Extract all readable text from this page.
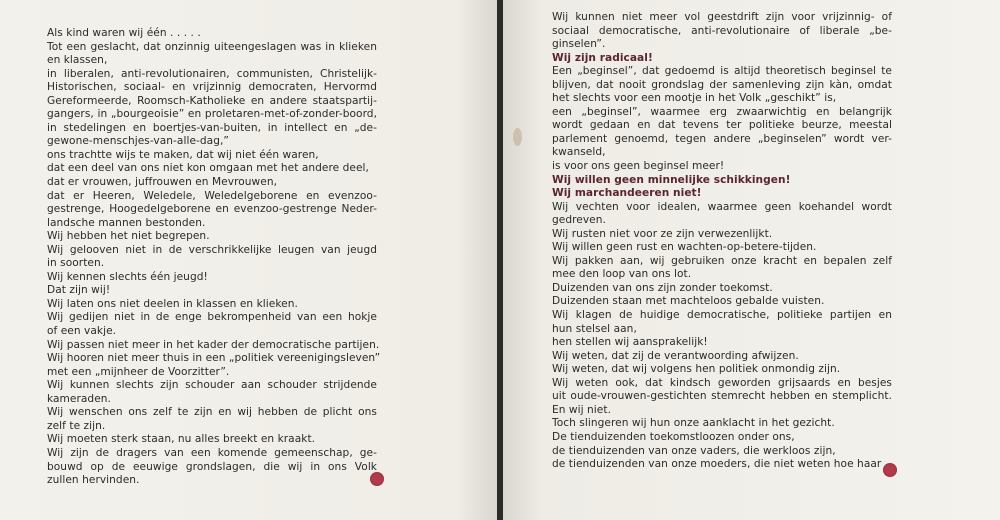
Als kind waren wij één . . . . .
Tot een geslacht, dat onzinnig uiteengeslagen was in klieken
en klassen,
in liberalen, anti-revolutionairen, communisten, Christelijk-
Historischen, sociaal- en vrijzinnig democraten, Hervormd
Gereformeerde, Roomsch-Katholieke en andere staatspartij-
gangers, in „bourgeoisie” en proletaren-met-of-zonder-boord,
in stedelingen en boertjes-van-buiten, in intellect en „de-
gewone-menschjes-van-alle-dag,”
ons trachtte wijs te maken, dat wij niet één waren,
dat een deel van ons niet kon omgaan met het andere deel,
dat er vrouwen, juffrouwen en Mevrouwen,
dat er Heeren, Weledele, Weledelgeborene en evenzoo-
gestrenge, Hoogedelgeborene en evenzoo-gestrenge Neder-
landsche mannen bestonden.
Wij hebben het niet begrepen.
Wij gelooven niet in de verschrikkelijke leugen van jeugd
in soorten.
Wij kennen slechts één jeugd!
Dat zijn wij!
Wij laten ons niet deelen in klassen en klieken.
Wij gedijen niet in de enge bekrompenheid van een hokje
of een vakje.
Wij passen niet meer in het kader der democratische partijen.
Wij hooren niet meer thuis in een „politiek vereenigingsleven”
met een „mijnheer de Voorzitter”.
Wij kunnen slechts zijn schouder aan schouder strijdende
kameraden.
Wij wenschen ons zelf te zijn en wij hebben de plicht ons
zelf te zijn.
Wij moeten sterk staan, nu alles breekt en kraakt.
Wij zijn de dragers van een komende gemeenschap, ge-
bouwd op de eeuwige grondslagen, die wij in ons Volk
zullen hervinden.
Wij kunnen niet meer vol geestdrift zijn voor vrijzinnig- of
sociaal democratische, anti-revolutionaire of liberale „be-
ginselen”.
Wij zijn radicaal!
Een „beginsel”, dat gedoemd is altijd theoretisch beginsel te
blijven, dat nooit grondslag der samenleving zijn kàn, omdat
het slechts voor een mootje in het Volk „geschikt” is,
een „beginsel”, waarmee erg zwaarwichtig en belangrijk
wordt gedaan en dat tevens ter politieke beurze, meestal
parlement genoemd, tegen andere „beginselen” wordt ver-
kwanseld,
is voor ons geen beginsel meer!
Wij willen geen minnelijke schikkingen!
Wij marchandeeren niet!
Wij vechten voor idealen, waarmee geen koehandel wordt
gedreven.
Wij rusten niet voor ze zijn verwezenlijkt.
Wij willen geen rust en wachten-op-betere-tijden.
Wij pakken aan, wij gebruiken onze kracht en bepalen zelf
mee den loop van ons lot.
Duizenden van ons zijn zonder toekomst.
Duizenden staan met machteloos gebalde vuisten.
Wij klagen de huidige democratische, politieke partijen en
hun stelsel aan,
hen stellen wij aansprakelijk!
Wij weten, dat zij de verantwoording afwijzen.
Wij weten, dat wij volgens hen politiek onmondig zijn.
Wij weten ook, dat kindsch geworden grijsaards en besjes
uit oude-vrouwen-gestichten stemrecht hebben en stemplicht.
En wij niet.
Toch slingeren wij hun onze aanklacht in het gezicht.
De tienduizenden toekomstloozen onder ons,
de tienduizenden van onze vaders, die werkloos zijn,
de tienduizenden van onze moeders, die niet weten hoe haar
